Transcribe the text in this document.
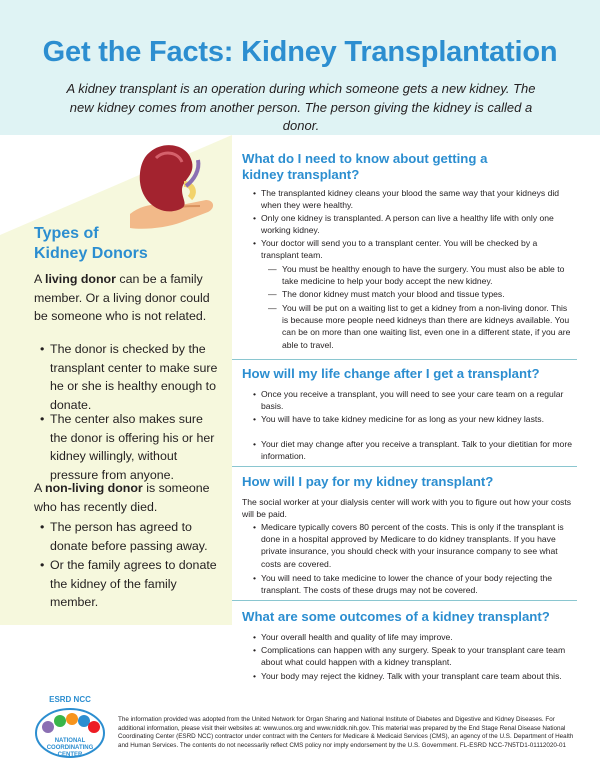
Get the Facts: Kidney Transplantation
A kidney transplant is an operation during which someone gets a new kidney. The new kidney comes from another person. The person giving the kidney is called a donor.
Types of
Kidney Donors
A living donor can be a family member. Or a living donor could be someone who is not related.
• The donor is checked by the transplant center to make sure he or she is healthy enough to donate.
• The center also makes sure the donor is offering his or her kidney willingly, without pressure from anyone.
A non-living donor is someone who has recently died.
• The person has agreed to donate before passing away.
• Or the family agrees to donate the kidney of the family member.
What do I need to know about getting a
kidney transplant?
• The transplanted kidney cleans your blood the same way that your kidneys did when they were healthy.
• Only one kidney is transplanted. A person can live a healthy life with only one working kidney.
• Your doctor will send you to a transplant center. You will be checked by a transplant team.
— You must be healthy enough to have the surgery. You must also be able to take medicine to help your body accept the new kidney.
— The donor kidney must match your blood and tissue types.
— You will be put on a waiting list to get a kidney from a non-living donor. This is because more people need kidneys than there are kidneys available. You can be on more than one waiting list, even one in a different state, if you are able to travel.
How will my life change after I get a transplant?
• Once you receive a transplant, you will need to see your care team on a regular basis.
• You will have to take kidney medicine for as long as your new kidney lasts.
• Your diet may change after you receive a transplant. Talk to your dietitian for more information.
How will I pay for my kidney transplant?
The social worker at your dialysis center will work with you to figure out how your costs will be paid.
• Medicare typically covers 80 percent of the costs. This is only if the transplant is done in a hospital approved by Medicare to do kidney transplants. If you have private insurance, you should check with your insurance company to see what costs are covered.
• You will need to take medicine to lower the chance of your body rejecting the transplant. The costs of these drugs may not be covered.
What are some outcomes of a kidney transplant?
• Your overall health and quality of life may improve.
• Complications can happen with any surgery. Speak to your transplant care team about what could happen with a kidney transplant.
• Your body may reject the kidney. Talk with your transplant care team about this.
ESRD NCC
NATIONAL
COORDINATING
CENTER
The information provided was adopted from the United Network for Organ Sharing and National Institute of Diabetes and Digestive and Kidney Diseases. For additional information, please visit their websites at: www.unos.org and www.niddk.nih.gov. This material was prepared by the End Stage Renal Disease National Coordinating Center (ESRD NCC) contractor under contract with the Centers for Medicare & Medicaid Services (CMS), an agency of the U.S. Department of Health and Human Services. The contents do not necessarily reflect CMS policy nor imply endorsement by the U.S. Government. FL-ESRD NCC-7N5TD1-01112020-01
